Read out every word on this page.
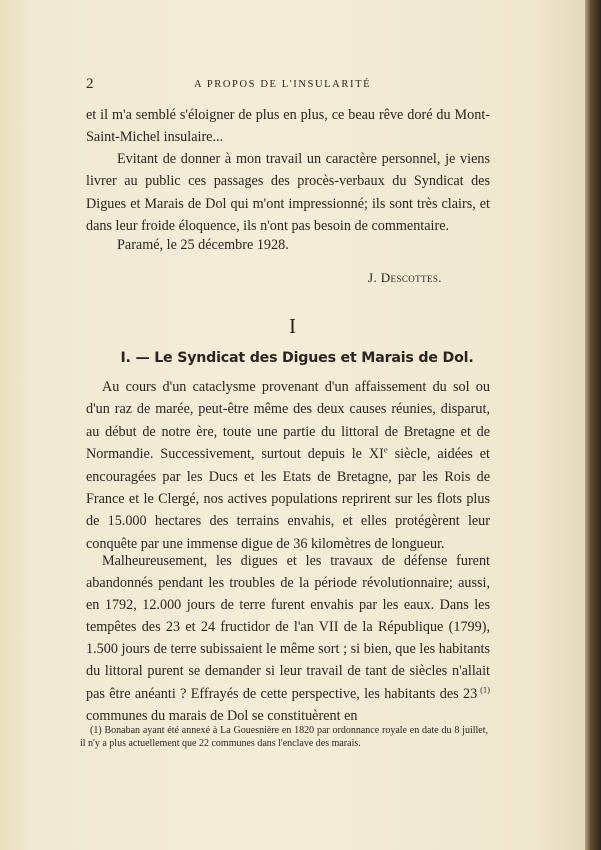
2	A PROPOS DE L'INSULARITÉ

et il m'a semblé s'éloigner de plus en plus, ce beau rêve doré du Mont-Saint-Michel insulaire...

Evitant de donner à mon travail un caractère personnel, je viens livrer au public ces passages des procès-verbaux du Syndicat des Digues et Marais de Dol qui m'ont impressionné; ils sont très clairs, et dans leur froide éloquence, ils n'ont pas besoin de commentaire.

Paramé, le 25 décembre 1928.
J. Descottes.
I
I. — Le Syndicat des Digues et Marais de Dol.

Au cours d'un cataclysme provenant d'un affaissement du sol ou d'un raz de marée, peut-être même des deux causes réunies, disparut, au début de notre ère, toute une partie du littoral de Bretagne et de Normandie. Successivement, surtout depuis le XIe siècle, aidées et encouragées par les Ducs et les Etats de Bretagne, par les Rois de France et le Clergé, nos actives populations reprirent sur les flots plus de 15.000 hectares des terrains envahis, et elles protégèrent leur conquête par une immense digue de 36 kilomètres de longueur.

Malheureusement, les digues et les travaux de défense furent abandonnés pendant les troubles de la période révolutionnaire; aussi, en 1792, 12.000 jours de terre furent envahis par les eaux. Dans les tempêtes des 23 et 24 fructidor de l'an VII de la République (1799), 1.500 jours de terre subissaient le même sort ; si bien, que les habitants du littoral purent se demander si leur travail de tant de siècles n'allait pas être anéanti ? Effrayés de cette perspective, les habitants des 23 $^{(1)}$ communes du marais de Dol se constituèrent en

(1) Bonaban ayant été annexé à La Gouesnière en 1820 par ordonnance royale en date du 8 juillet, il n'y a plus actuellement que 22 communes dans l'enclave des marais.
